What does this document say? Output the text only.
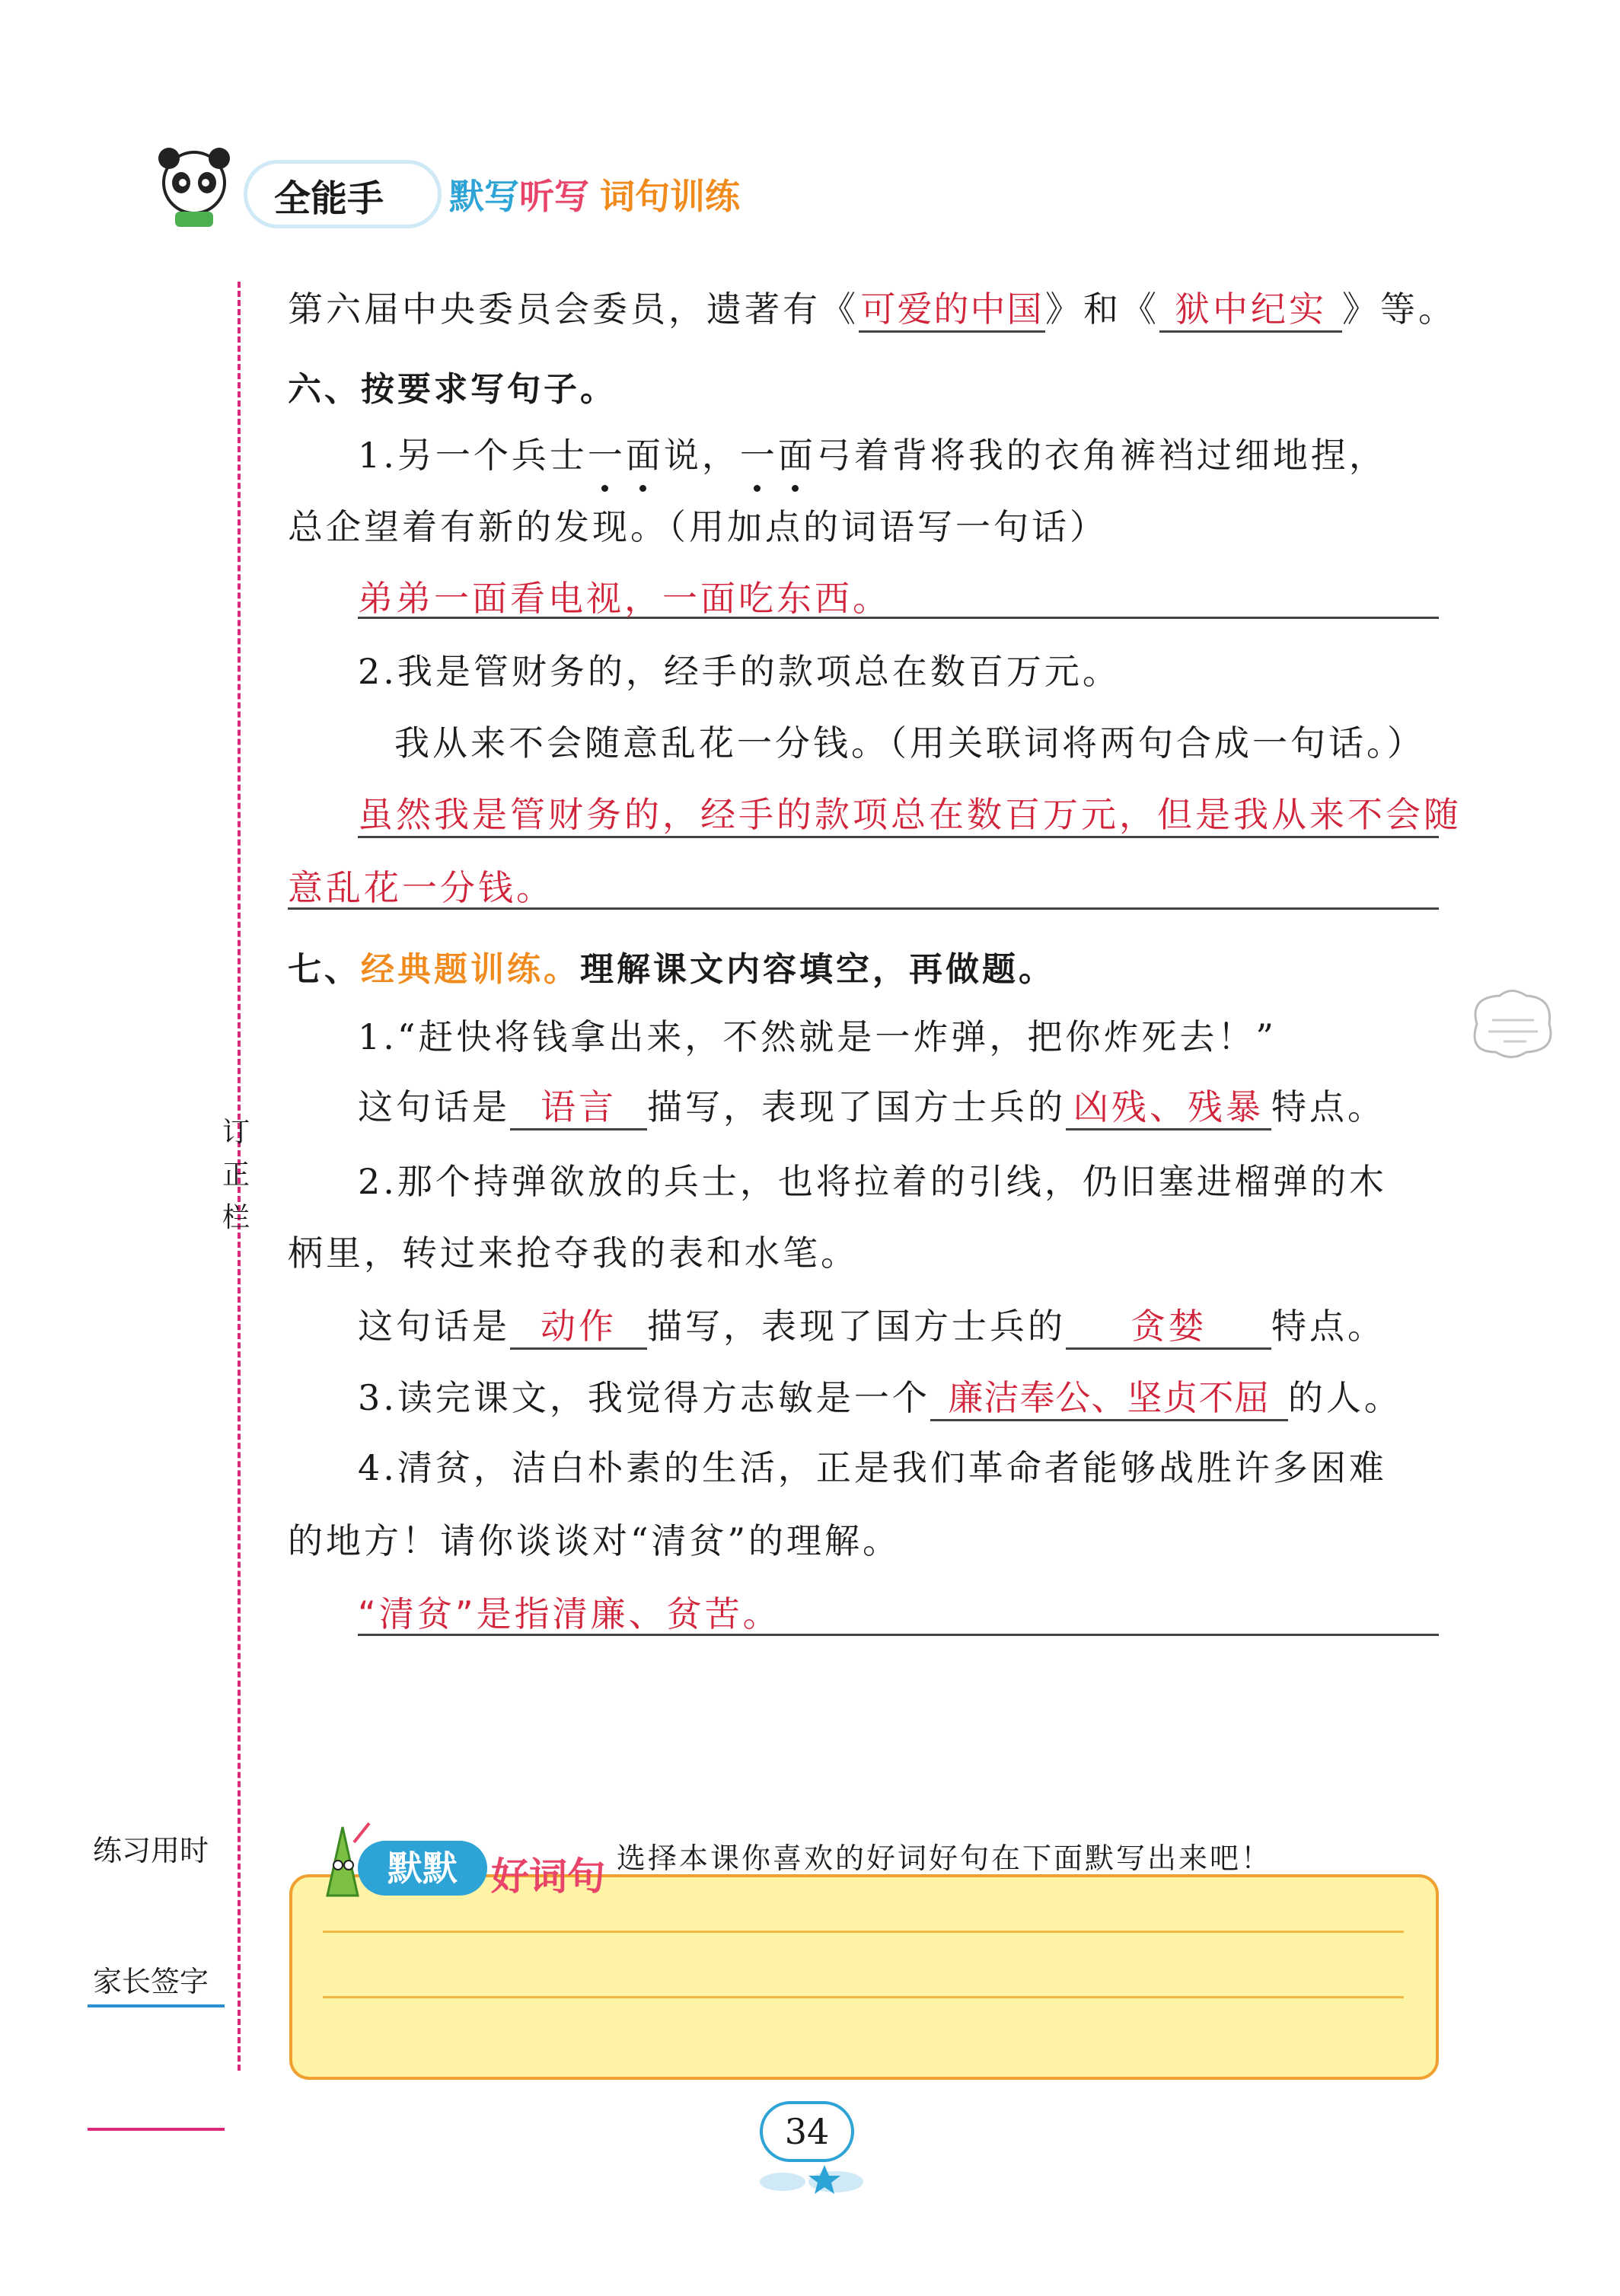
全能手 默写听写 词句训练
订
正
栏
第六届中央委员会委员，遗著有《可爱的中国》和《 狱中纪实 》等。
六、按要求写句子。
1.另一个兵士一
面说，一
面弓着背将我的衣角裤裆过细地捏，
总企望着有新的发现。（用加点的词语写一句话）
弟弟一面看电视，一面吃东西。
2.我是管财务的，经手的款项总在数百万元。
我从来不会随意乱花一分钱。（用关联词将两句合成一句话。）
虽然我是管财务的，经手的款项总在数百万元，但是我从来不会随
意乱花一分钱。
七、经典题训练。理解课文内容填空，再做题。
1.“赶快将钱拿出来，不然就是一炸弹，把你炸死去！”
这句话是 语言 描写，表现了国方士兵的 凶残、残暴 特点。
2.那个持弹欲放的兵士，也将拉着的引线，仍旧塞进榴弹的木
柄里，转过来抢夺我的表和水笔。
这句话是 动作 描写，表现了国方士兵的 贪婪 特点。
3.读完课文，我觉得方志敏是一个 廉洁奉公、坚贞不屈 的人。
4.清贫，洁白朴素的生活，正是我们革命者能够战胜许多困难
的地方！请你谈谈对“清贫”的理解。
“清贫”是指清廉、贫苦。
练习用时
家长签字
默默 好词句 选择本课你喜欢的好词好句在下面默写出来吧！
34
